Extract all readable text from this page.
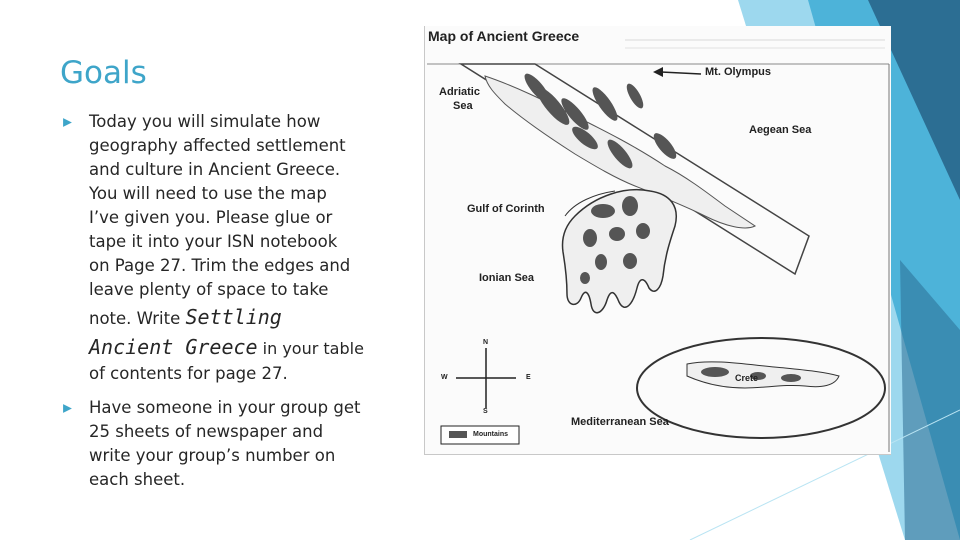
Goals
Today you will simulate how
geography affected settlement
and culture in Ancient Greece.
You will need to use the map
I’ve given you. Please glue or
tape it into your ISN notebook
on Page 27. Trim the edges and
leave plenty of space to take
note. Write Settling
Ancient Greece in your table
of contents for page 27.
Have someone in your group get
25 sheets of newspaper and
write your group’s number on
each sheet.
Map of Ancient Greece
Mt. Olympus
Adriatic
Sea
Aegean Sea
Gulf of Corinth
Ionian Sea
Crete
Mediterranean Sea
N
S
E
W
Mountains
